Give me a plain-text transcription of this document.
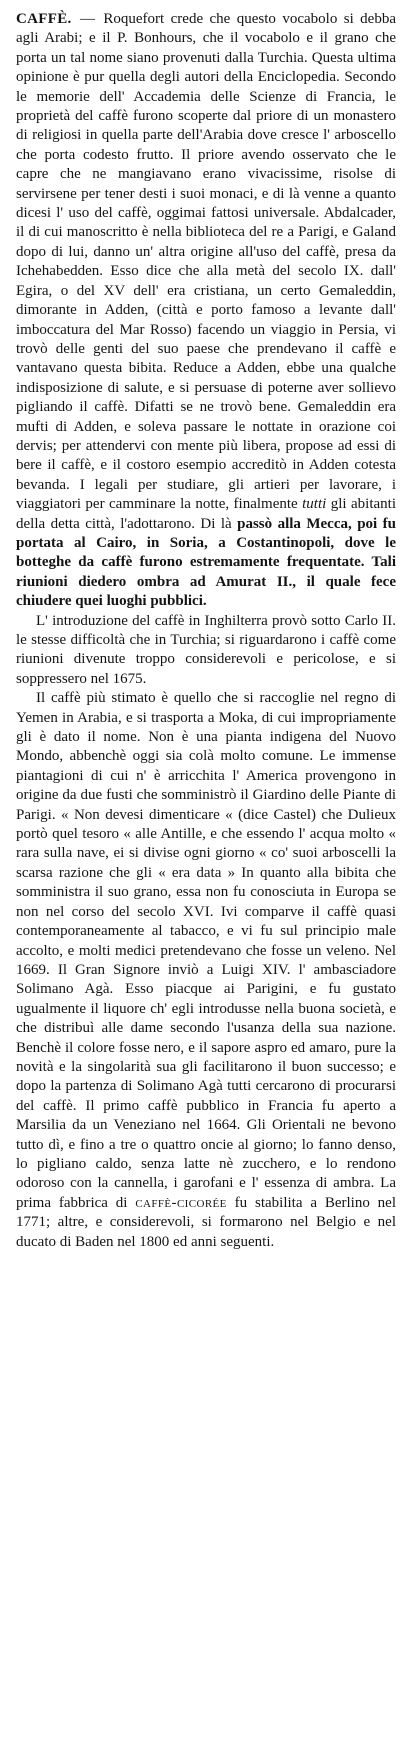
CAFFÈ. — Roquefort crede che questo vocabolo si debba agli Arabi; e il P. Bonhours, che il vocabolo e il grano che porta un tal nome siano provenuti dalla Turchia. Questa ultima opinione è pur quella degli autori della Enciclopedia. Secondo le memorie dell' Accademia delle Scienze di Francia, le proprietà del caffè furono scoperte dal priore di un monastero di religiosi in quella parte dell'Arabia dove cresce l' arboscello che porta codesto frutto. Il priore avendo osservato che le capre che ne mangiavano erano vivacissime, risolse di servirsene per tener desti i suoi monaci, e di là venne a quanto dicesi l' uso del caffè, oggimai fattosi universale. Abdalcader, il di cui manoscritto è nella biblioteca del re a Parigi, e Galand dopo di lui, danno un' altra origine all'uso del caffè, presa da Ichehabedden. Esso dice che alla metà del secolo IX. dall' Egira, o del XV dell' era cristiana, un certo Gemaleddin, dimorante in Adden, (città e porto famoso a levante dall' imboccatura del Mar Rosso) facendo un viaggio in Persia, vi trovò delle genti del suo paese che prendevano il caffè e vantavano questa bibita. Reduce a Adden, ebbe una qualche indisposizione di salute, e si persuase di poterne aver sollievo pigliando il caffè. Difatti se ne trovò bene. Gemaleddin era mufti di Adden, e soleva passare le nottate in orazione coi dervis; per attendervi con mente più libera, propose ad essi di bere il caffè, e il costoro esempio accreditò in Adden cotesta bevanda. I legali per studiare, gli artieri per lavorare, i viaggiatori per camminare la notte, finalmente tutti gli abitanti della detta città, l'adottarono. Di là passò alla Mecca, poi fu portata al Cairo, in Soria, a Costantinopoli, dove le botteghe da caffè furono estremamente frequentate. Tali riunioni diedero ombra ad Amurat II., il quale fece chiudere quei luoghi pubblici.

L' introduzione del caffè in Inghilterra provò sotto Carlo II. le stesse difficoltà che in Turchia; si riguardarono i caffè come riunioni divenute troppo considerevoli e pericolose, e si soppressero nel 1675.

Il caffè più stimato è quello che si raccoglie nel regno di Yemen in Arabia, e si trasporta a Moka, di cui impropriamente gli è dato il nome. Non è una pianta indigena del Nuovo Mondo, abbenchè oggi sia colà molto comune. Le immense piantagioni di cui n' è arricchita l' America provengono in origine da due fusti che somministrò il Giardino delle Piante di Parigi. « Non devesi dimenticare « (dice Castel) che Dulieux portò quel tesoro « alle Antille, e che essendo l' acqua molto « rara sulla nave, ei si divise ogni giorno « co' suoi arboscelli la scarsa razione che gli « era data » In quanto alla bibita che somministra il suo grano, essa non fu conosciuta in Europa se non nel corso del secolo XVI. Ivi comparve il caffè quasi contemporaneamente al tabacco, e vi fu sul principio male accolto, e molti medici pretendevano che fosse un veleno. Nel 1669. Il Gran Signore inviò a Luigi XIV. l' ambasciadore Solimano Agà. Esso piacque ai Parigini, e fu gustato ugualmente il liquore ch' egli introdusse nella buona società, e che distribuì alle dame secondo l'usanza della sua nazione. Benchè il colore fosse nero, e il sapore aspro ed amaro, pure la novità e la singolarità sua gli facilitarono il buon successo; e dopo la partenza di Solimano Agà tutti cercarono di procurarsi del caffè. Il primo caffè pubblico in Francia fu aperto a Marsilia da un Veneziano nel 1664. Gli Orientali ne bevono tutto dì, e fino a tre o quattro oncie al giorno; lo fanno denso, lo pigliano caldo, senza latte nè zucchero, e lo rendono odoroso con la cannella, i garofani e l' essenza di ambra. La prima fabbrica di caffè-cicorée fu stabilita a Berlino nel 1771; altre, e considerevoli, si formarono nel Belgio e nel ducato di Baden nel 1800 ed anni seguenti.
